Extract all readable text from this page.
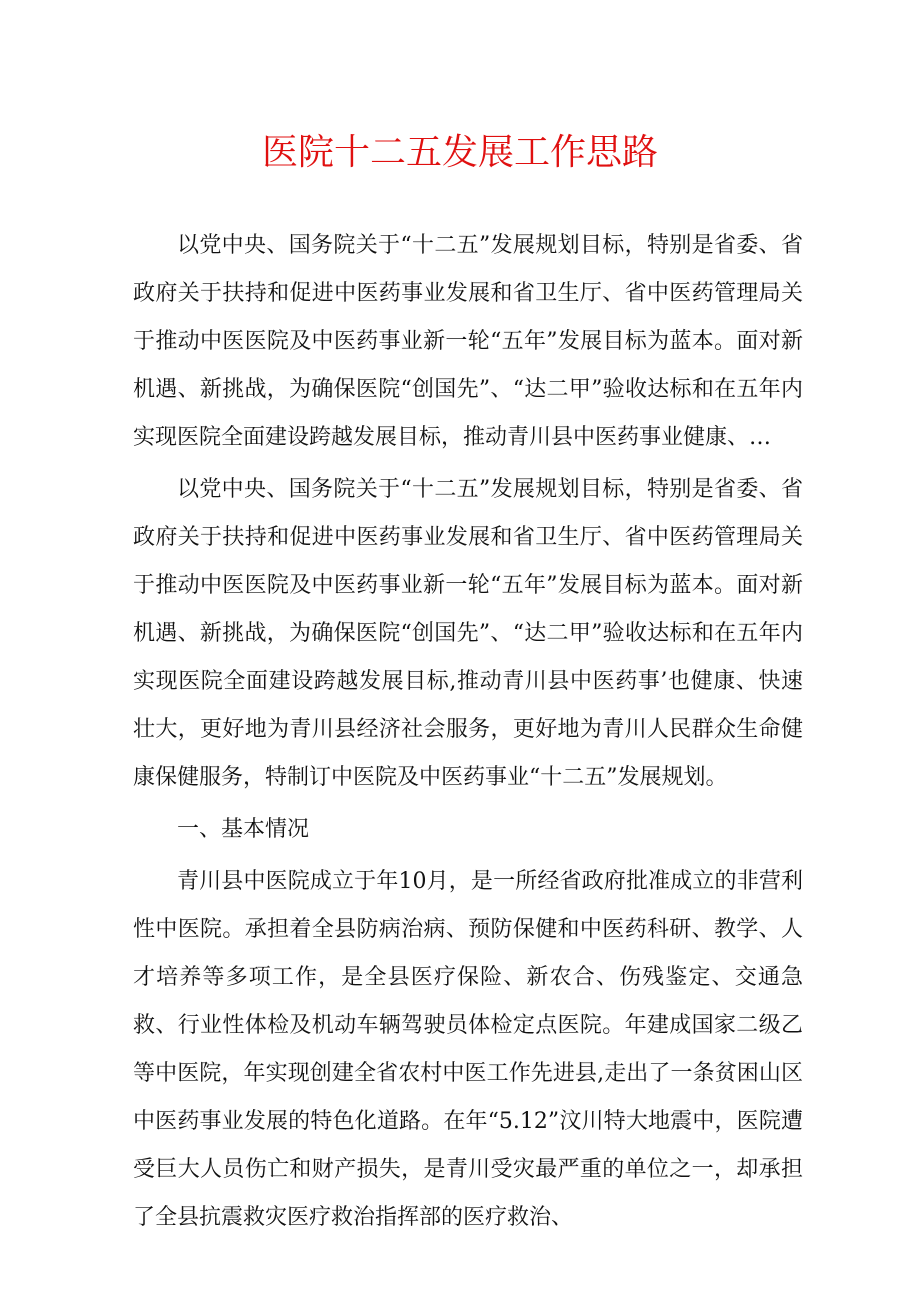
医院十二五发展工作思路

以党中央、国务院关于“十二五”发展规划目标，特别是省委、省政府关于扶持和促进中医药事业发展和省卫生厅、省中医药管理局关于推动中医医院及中医药事业新一轮“五年”发展目标为蓝本。面对新机遇、新挑战，为确保医院“创国先”、“达二甲”验收达标和在五年内实现医院全面建设跨越发展目标，推动青川县中医药事业健康、…

以党中央、国务院关于“十二五”发展规划目标，特别是省委、省政府关于扶持和促进中医药事业发展和省卫生厅、省中医药管理局关于推动中医医院及中医药事业新一轮“五年”发展目标为蓝本。面对新机遇、新挑战，为确保医院“创国先”、“达二甲”验收达标和在五年内实现医院全面建设跨越发展目标,推动青川县中医药事’也健康、快速壮大，更好地为青川县经济社会服务，更好地为青川人民群众生命健康保健服务，特制订中医院及中医药事业“十二五”发展规划。

一、基本情况

青川县中医院成立于年10月，是一所经省政府批准成立的非营利性中医院。承担着全县防病治病、预防保健和中医药科研、教学、人才培养等多项工作，是全县医疗保险、新农合、伤残鉴定、交通急救、行业性体检及机动车辆驾驶员体检定点医院。年建成国家二级乙等中医院，年实现创建全省农村中医工作先进县,走出了一条贫困山区中医药事业发展的特色化道路。在年“5.12”汶川特大地震中，医院遭受巨大人员伤亡和财产损失，是青川受灾最严重的单位之一，却承担了全县抗震救灾医疗救治指挥部的医疗救治、
